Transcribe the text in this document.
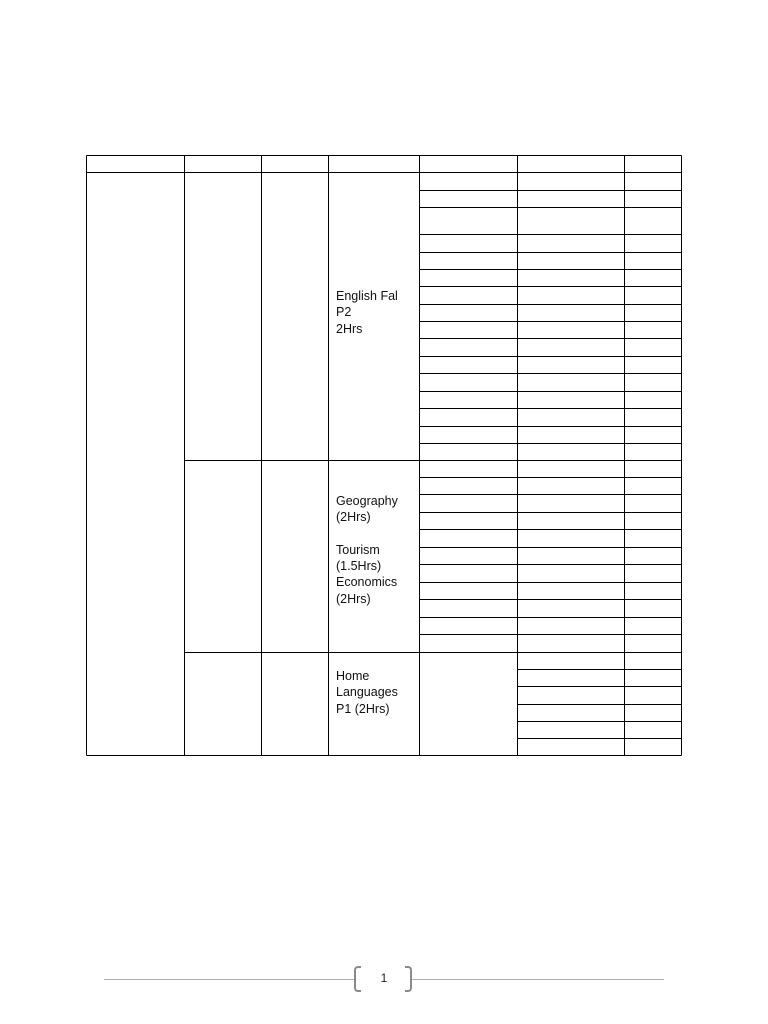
English Fal
P2
2Hrs
Geography
(2Hrs)

Tourism
(1.5Hrs)
Economics
(2Hrs)
Home
Languages
P1 (2Hrs)
1
